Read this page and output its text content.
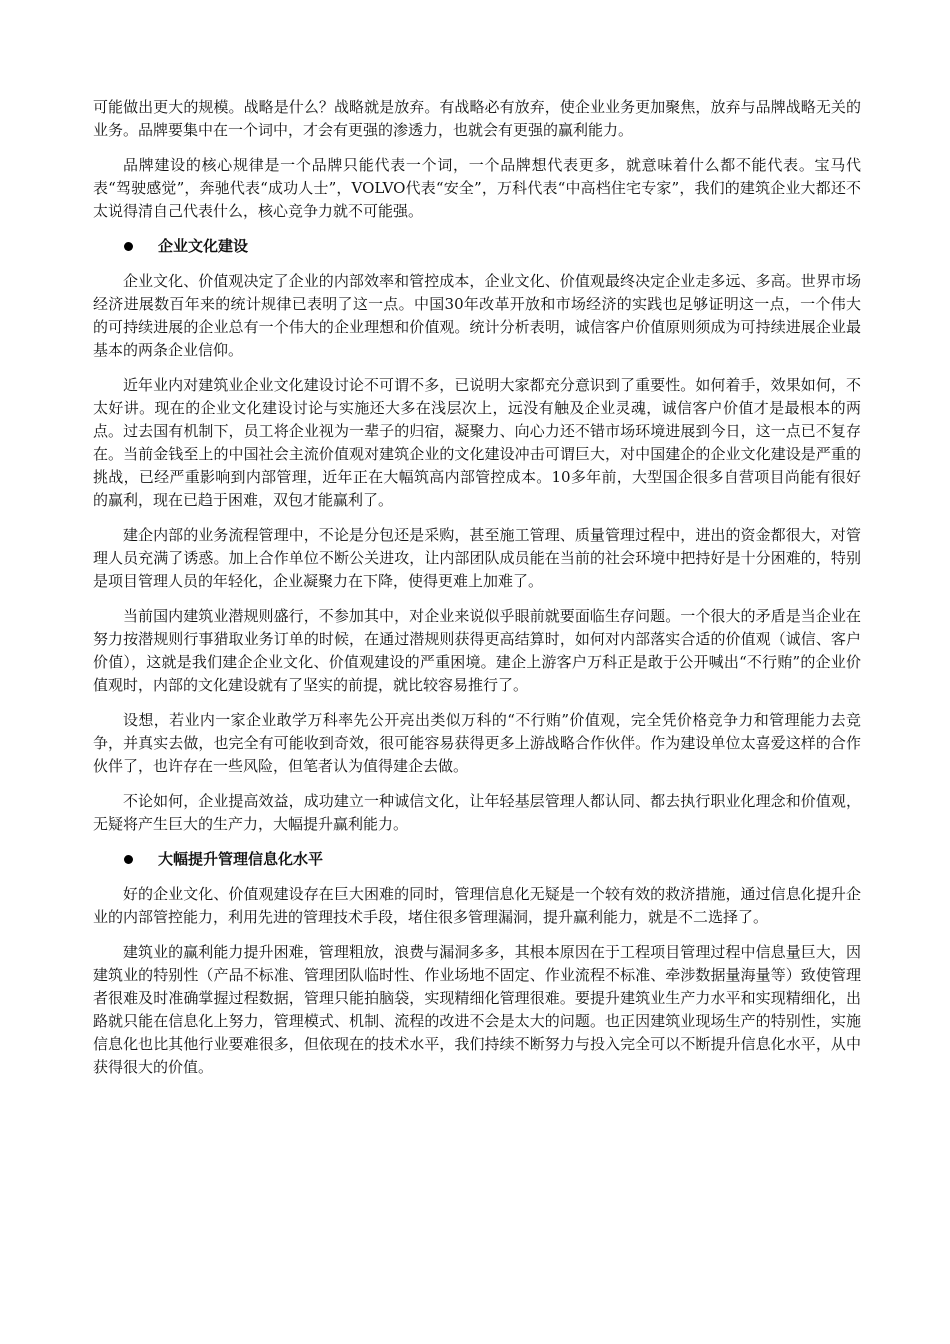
可能做出更大的规模。战略是什么？战略就是放弃。有战略必有放弃，使企业业务更加聚焦，放弃与品牌战略无关的业务。品牌要集中在一个词中，才会有更强的渗透力，也就会有更强的赢利能力。

品牌建设的核心规律是一个品牌只能代表一个词，一个品牌想代表更多，就意味着什么都不能代表。宝马代表“驾驶感觉”，奔驰代表“成功人士”，VOLVO代表“安全”，万科代表“中高档住宅专家”，我们的建筑企业大都还不太说得清自己代表什么，核心竞争力就不可能强。

企业文化建设

企业文化、价值观决定了企业的内部效率和管控成本，企业文化、价值观最终决定企业走多远、多高。世界市场经济进展数百年来的统计规律已表明了这一点。中国30年改革开放和市场经济的实践也足够证明这一点，一个伟大的可持续进展的企业总有一个伟大的企业理想和价值观。统计分析表明，诚信客户价值原则须成为可持续进展企业最基本的两条企业信仰。

近年业内对建筑业企业文化建设讨论不可谓不多，已说明大家都充分意识到了重要性。如何着手，效果如何，不太好讲。现在的企业文化建设讨论与实施还大多在浅层次上，远没有触及企业灵魂，诚信客户价值才是最根本的两点。过去国有机制下，员工将企业视为一辈子的归宿，凝聚力、向心力还不错市场环境进展到今日，这一点已不复存在。当前金钱至上的中国社会主流价值观对建筑企业的文化建设冲击可谓巨大，对中国建企的企业文化建设是严重的挑战，已经严重影响到内部管理，近年正在大幅筑高内部管控成本。10多年前，大型国企很多自营项目尚能有很好的赢利，现在已趋于困难，双包才能赢利了。

建企内部的业务流程管理中，不论是分包还是采购，甚至施工管理、质量管理过程中，进出的资金都很大，对管理人员充满了诱惑。加上合作单位不断公关进攻，让内部团队成员能在当前的社会环境中把持好是十分困难的，特别是项目管理人员的年轻化，企业凝聚力在下降，使得更难上加难了。

当前国内建筑业潜规则盛行，不参加其中，对企业来说似乎眼前就要面临生存问题。一个很大的矛盾是当企业在努力按潜规则行事猎取业务订单的时候，在通过潜规则获得更高结算时，如何对内部落实合适的价值观（诚信、客户价值），这就是我们建企企业文化、价值观建设的严重困境。建企上游客户万科正是敢于公开喊出“不行贿”的企业价值观时，内部的文化建设就有了坚实的前提，就比较容易推行了。

设想，若业内一家企业敢学万科率先公开亮出类似万科的“不行贿”价值观，完全凭价格竞争力和管理能力去竞争，并真实去做，也完全有可能收到奇效，很可能容易获得更多上游战略合作伙伴。作为建设单位太喜爱这样的合作伙伴了，也许存在一些风险，但笔者认为值得建企去做。

不论如何，企业提高效益，成功建立一种诚信文化，让年轻基层管理人都认同、都去执行职业化理念和价值观，无疑将产生巨大的生产力，大幅提升赢利能力。

大幅提升管理信息化水平

好的企业文化、价值观建设存在巨大困难的同时，管理信息化无疑是一个较有效的救济措施，通过信息化提升企业的内部管控能力，利用先进的管理技术手段，堵住很多管理漏洞，提升赢利能力，就是不二选择了。

建筑业的赢利能力提升困难，管理粗放，浪费与漏洞多多，其根本原因在于工程项目管理过程中信息量巨大，因建筑业的特别性（产品不标准、管理团队临时性、作业场地不固定、作业流程不标准、牵涉数据量海量等）致使管理者很难及时准确掌握过程数据，管理只能拍脑袋，实现精细化管理很难。要提升建筑业生产力水平和实现精细化，出路就只能在信息化上努力，管理模式、机制、流程的改进不会是太大的问题。也正因建筑业现场生产的特别性，实施信息化也比其他行业要难很多，但依现在的技术水平，我们持续不断努力与投入完全可以不断提升信息化水平，从中获得很大的价值。
